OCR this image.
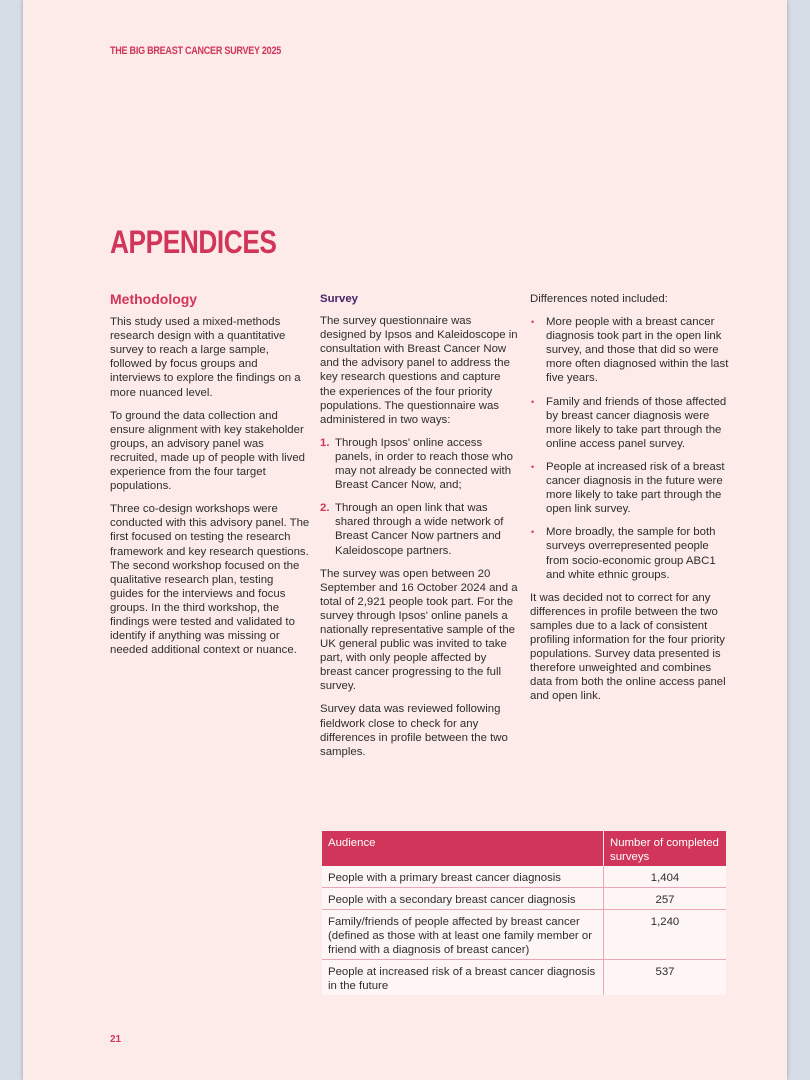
THE BIG BREAST CANCER SURVEY 2025
APPENDICES
Methodology

This study used a mixed-methods research design with a quantitative survey to reach a large sample, followed by focus groups and interviews to explore the findings on a more nuanced level.

To ground the data collection and ensure alignment with key stakeholder groups, an advisory panel was recruited, made up of people with lived experience from the four target populations.

Three co-design workshops were conducted with this advisory panel. The first focused on testing the research framework and key research questions. The second workshop focused on the qualitative research plan, testing guides for the interviews and focus groups. In the third workshop, the findings were tested and validated to identify if anything was missing or needed additional context or nuance.

Survey

The survey questionnaire was designed by Ipsos and Kaleidoscope in consultation with Breast Cancer Now and the advisory panel to address the key research questions and capture the experiences of the four priority populations. The questionnaire was administered in two ways:

1. Through Ipsos' online access panels, in order to reach those who may not already be connected with Breast Cancer Now, and;
2. Through an open link that was shared through a wide network of Breast Cancer Now partners and Kaleidoscope partners.

The survey was open between 20 September and 16 October 2024 and a total of 2,921 people took part. For the survey through Ipsos' online panels a nationally representative sample of the UK general public was invited to take part, with only people affected by breast cancer progressing to the full survey.

Survey data was reviewed following fieldwork close to check for any differences in profile between the two samples.

Differences noted included:

• More people with a breast cancer diagnosis took part in the open link survey, and those that did so were more often diagnosed within the last five years.
• Family and friends of those affected by breast cancer diagnosis were more likely to take part through the online access panel survey.
• People at increased risk of a breast cancer diagnosis in the future were more likely to take part through the open link survey.
• More broadly, the sample for both surveys overrepresented people from socio-economic group ABC1 and white ethnic groups.

It was decided not to correct for any differences in profile between the two samples due to a lack of consistent profiling information for the four priority populations. Survey data presented is therefore unweighted and combines data from both the online access panel and open link.

Audience	Number of completed surveys
People with a primary breast cancer diagnosis	1,404
People with a secondary breast cancer diagnosis	257
Family/friends of people affected by breast cancer (defined as those with at least one family member or friend with a diagnosis of breast cancer)	1,240
People at increased risk of a breast cancer diagnosis in the future	537
21
